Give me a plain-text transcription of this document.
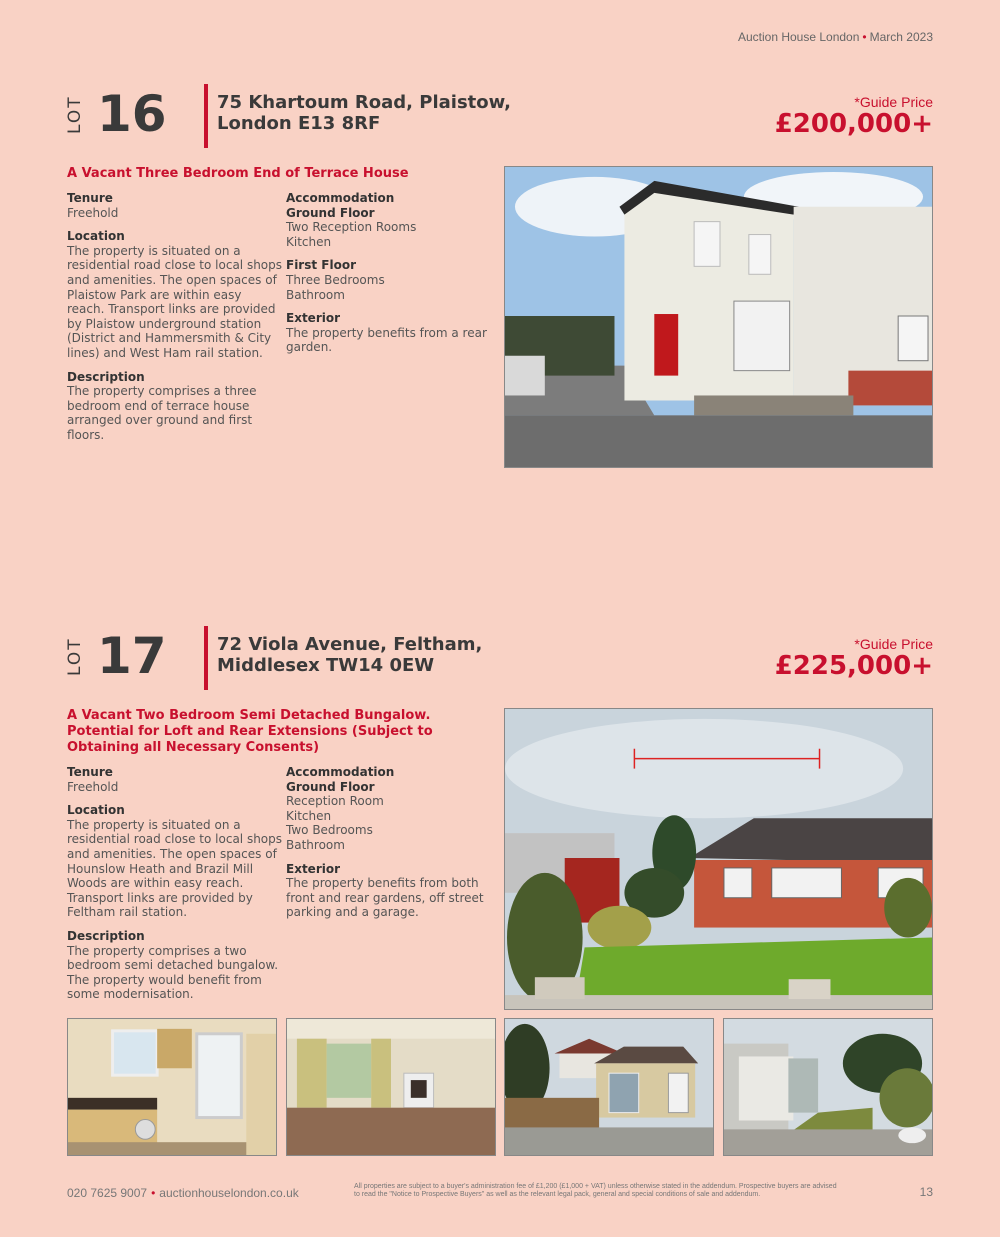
Auction House London • March 2023
LOT 16	75 Khartoum Road, Plaistow,
London E13 8RF
*Guide Price
£200,000+
A Vacant Three Bedroom End of Terrace House
Tenure

Freehold

Location

The property is situated on a residential road close to local shops and amenities. The open spaces of Plaistow Park are within easy reach. Transport links are provided by Plaistow underground station (District and Hammersmith & City lines) and West Ham rail station.

Description

The property comprises a three bedroom end of terrace house arranged over ground and first floors.

Accommodation
Ground Floor
Two Reception Rooms
Kitchen
First Floor
Three Bedrooms
Bathroom
Exterior

The property benefits from a rear garden.

LOT 17	72 Viola Avenue, Feltham,
Middlesex TW14 0EW
*Guide Price
£225,000+
A Vacant Two Bedroom Semi Detached Bungalow. Potential for Loft and Rear Extensions (Subject to Obtaining all Necessary Consents)
Tenure

Freehold

Location

The property is situated on a residential road close to local shops and amenities. The open spaces of Hounslow Heath and Brazil Mill Woods are within easy reach. Transport links are provided by Feltham rail station.

Description

The property comprises a two bedroom semi detached bungalow. The property would benefit from some modernisation.

Accommodation
Ground Floor
Reception Room
Kitchen
Two Bedrooms
Bathroom
Exterior

The property benefits from both front and rear gardens, off street parking and a garage.

020 7625 9007 • auctionhouselondon.co.uk	All properties are subject to a buyer's administration fee of £1,200 (£1,000 + VAT) unless otherwise stated in the addendum. Prospective buyers are advised to read the "Notice to Prospective Buyers" as well as the relevant legal pack, general and special conditions of sale and addendum.	13
